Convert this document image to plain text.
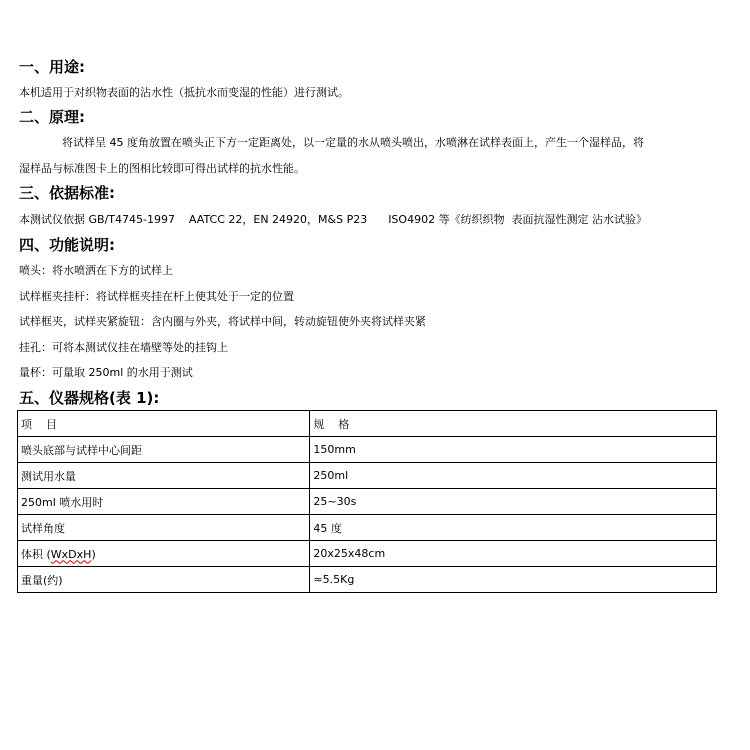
一、用途:
本机适用于对织物表面的沾水性（抵抗水而变湿的性能）进行测试。
二、原理:
将试样呈 45 度角放置在喷头正下方一定距离处，以一定量的水从喷头喷出，水喷淋在试样表面上，产生一个湿样品，将
湿样品与标准图卡上的图相比较即可得出试样的抗水性能。
三、依据标准:
本测试仪依据 GB/T4745-1997    AATCC 22，EN 24920，M&S P23      ISO4902 等《纺织织物  表面抗湿性测定 沾水试验》
四、功能说明:
喷头：将水喷洒在下方的试样上
试样框夹挂杆：将试样框夹挂在杆上使其处于一定的位置
试样框夹，试样夹紧旋钮：含内圈与外夹，将试样中间，转动旋钮使外夹将试样夹紧
挂孔：可将本测试仪挂在墙壁等处的挂钩上
量杯：可量取 250ml 的水用于测试
五、仪器规格(表 1):
项    目	规    格
喷头底部与试样中心间距	150mm
测试用水量	250ml
250ml 喷水用时	25~30s
试样角度	45 度
体积 (WxDxH)	20x25x48cm
重量(约)	≈5.5Kg
